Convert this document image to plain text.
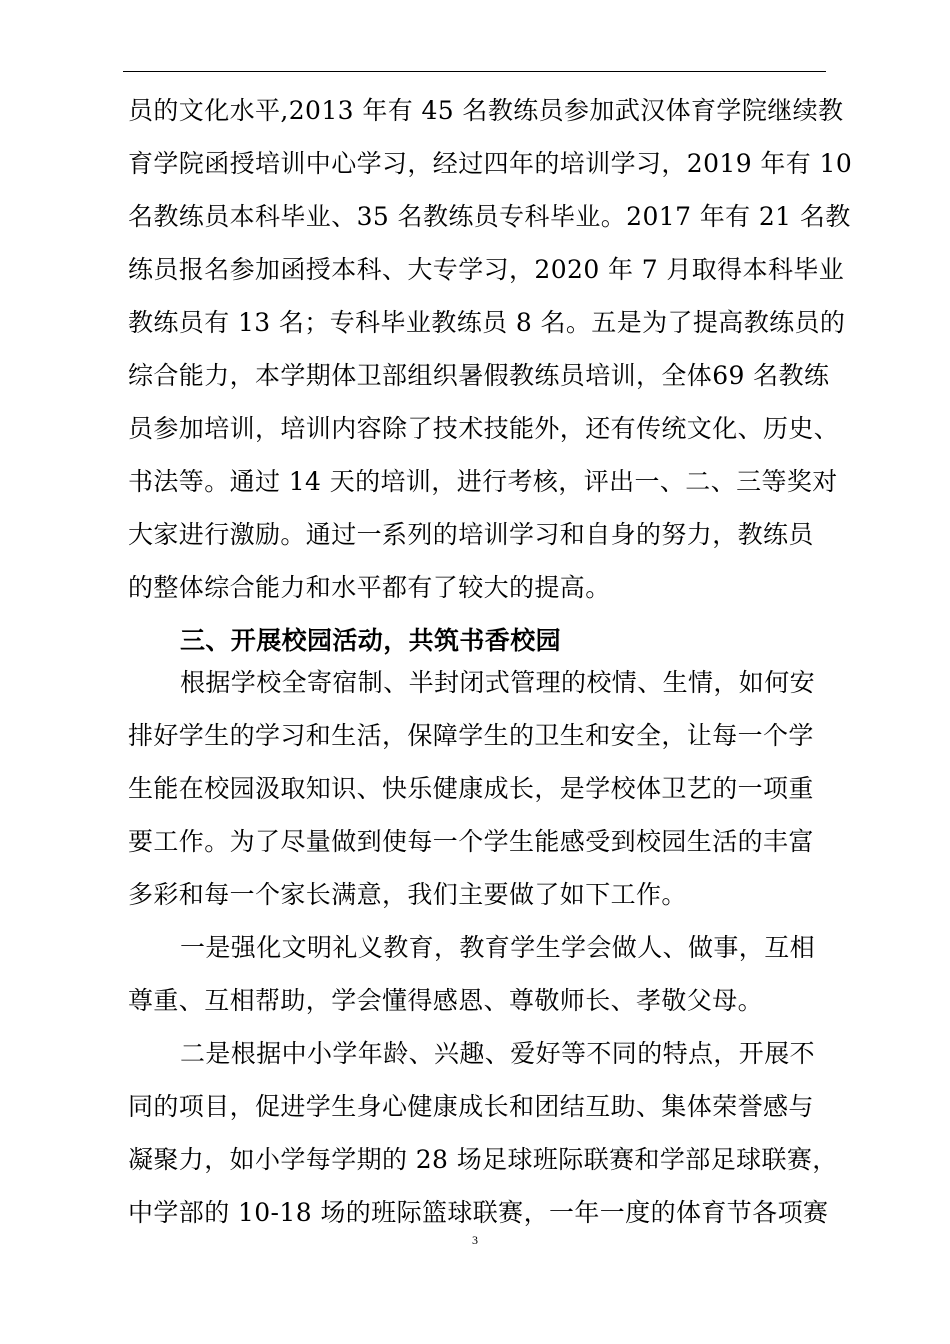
员的文化水平,2013 年有 45 名教练员参加武汉体育学院继续教
育学院函授培训中心学习，经过四年的培训学习，2019 年有 10
名教练员本科毕业、35 名教练员专科毕业。2017 年有 21 名教
练员报名参加函授本科、大专学习，2020 年 7 月取得本科毕业
教练员有 13 名；专科毕业教练员 8 名。五是为了提高教练员的
综合能力，本学期体卫部组织暑假教练员培训，全体69 名教练
员参加培训，培训内容除了技术技能外，还有传统文化、历史、
书法等。通过 14 天的培训，进行考核，评出一、二、三等奖对
大家进行激励。通过一系列的培训学习和自身的努力，教练员
的整体综合能力和水平都有了较大的提高。
三、开展校园活动，共筑书香校园
根据学校全寄宿制、半封闭式管理的校情、生情，如何安
排好学生的学习和生活，保障学生的卫生和安全，让每一个学
生能在校园汲取知识、快乐健康成长，是学校体卫艺的一项重
要工作。为了尽量做到使每一个学生能感受到校园生活的丰富
多彩和每一个家长满意，我们主要做了如下工作。
一是强化文明礼义教育，教育学生学会做人、做事，互相
尊重、互相帮助，学会懂得感恩、尊敬师长、孝敬父母。
二是根据中小学年龄、兴趣、爱好等不同的特点，开展不
同的项目，促进学生身心健康成长和团结互助、集体荣誉感与
凝聚力，如小学每学期的 28 场足球班际联赛和学部足球联赛，
中学部的 10-18 场的班际篮球联赛，一年一度的体育节各项赛
3
